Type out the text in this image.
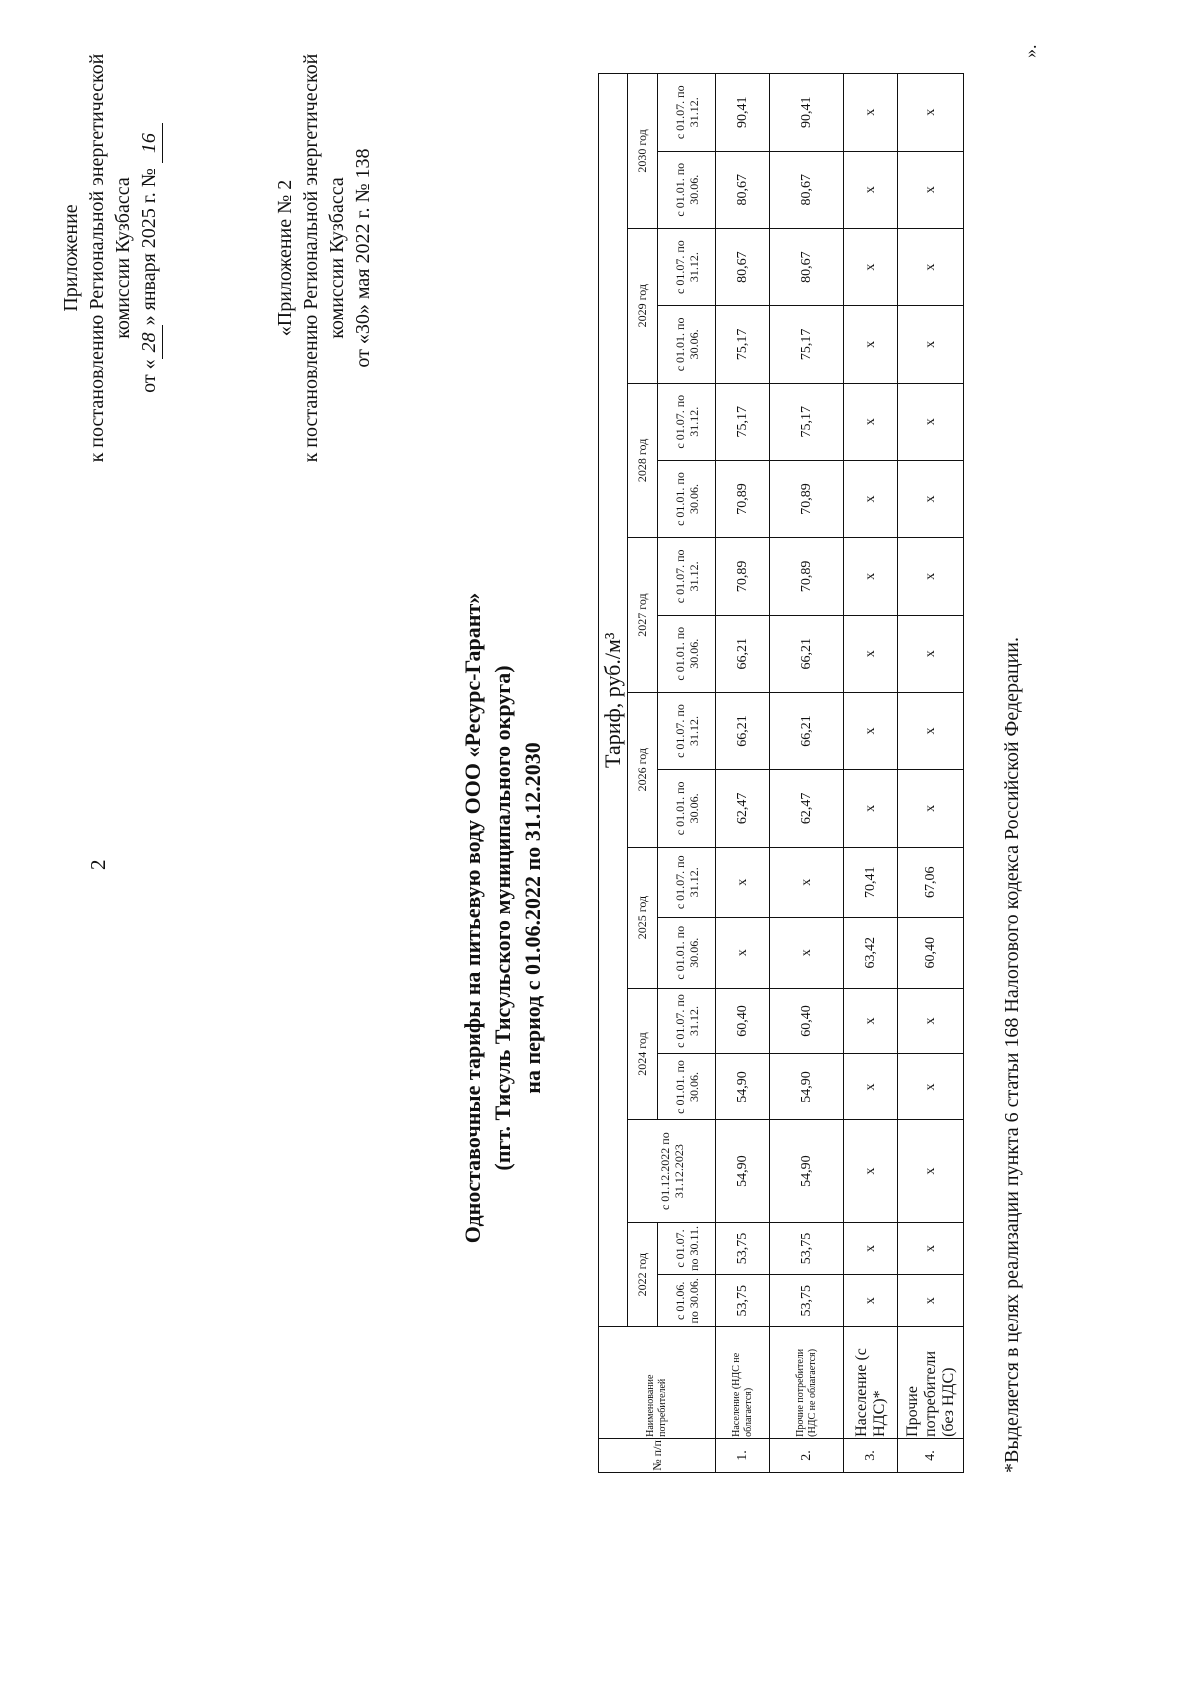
2
Приложение к постановлению Региональной энергетической комиссии Кузбасса
от «28» января 2025 г. № 16
«Приложение № 2 к постановлению Региональной энергетической комиссии Кузбасса от «30» мая 2022 г. № 138
Одноставочные тарифы на питьевую воду ООО «Ресурс-Гарант» (пгт. Тисуль Тисульского муниципального округа) на период с 01.06.2022 по 31.12.2030
№ п/п	Наименование потребителей	Тариф, руб./м³																
		2022 год		с 01.12.2022 по 31.12.2023	2024 год		2025 год		2026 год		2027 год		2028 год		2029 год		2030 год	
		с 01.06. по 30.06.	с 01.07. по 30.11.		с 01.01. по 30.06.	с 01.07. по 31.12.	с 01.01. по 30.06.	с 01.07. по 31.12.	с 01.01. по 30.06.	с 01.07. по 31.12.	с 01.01. по 30.06.	с 01.07. по 31.12.	с 01.01. по 30.06.	с 01.07. по 31.12.	с 01.01. по 30.06.	с 01.07. по 31.12.	с 01.01. по 30.06.	с 01.07. по 31.12.
1.	Население (НДС не облагается)	53,75	53,75	54,90	54,90	60,40	х	х	62,47	66,21	66,21	70,89	70,89	75,17	75,17	80,67	80,67	90,41
2.	Прочие потребители (НДС не облагается)	53,75	53,75	54,90	54,90	60,40	х	х	62,47	66,21	66,21	70,89	70,89	75,17	75,17	80,67	80,67	90,41
3.	Население (с НДС)*	х	х	х	х	х	63,42	70,41	х	х	х	х	х	х	х	х	х	х
4.	Прочие потребители (без НДС)	х	х	х	х	х	60,40	67,06	х	х	х	х	х	х	х	х	х	х
*Выделяется в целях реализации пункта 6 статьи 168 Налогового кодекса Российской Федерации.
».
